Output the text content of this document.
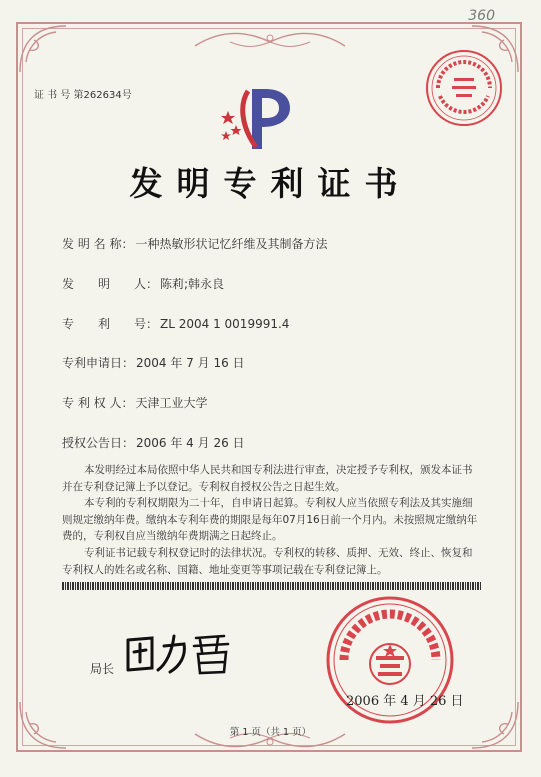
360
证 书 号 第262634号
发明专利证书
发 明 名 称： 一种热敏形状记忆纤维及其制备方法
发　　明　　人： 陈莉;韩永良
专　　利　　号： ZL 2004 1 0019991.4
专利申请日： 2004 年 7 月 16 日
专 利 权 人： 天津工业大学
授权公告日： 2006 年 4 月 26 日

本发明经过本局依照中华人民共和国专利法进行审查，决定授予专利权，颁发本证书并在专利登记簿上予以登记。专利权自授权公告之日起生效。

本专利的专利权期限为二十年，自申请日起算。专利权人应当依照专利法及其实施细则规定缴纳年费。缴纳本专利年费的期限是每年07月16日前一个月内。未按照规定缴纳年费的，专利权自应当缴纳年费期满之日起终止。

专利证书记载专利权登记时的法律状况。专利权的转移、质押、无效、终止、恢复和专利权人的姓名或名称、国籍、地址变更等事项记载在专利登记簿上。

局长
2006 年 4 月 26 日
第 1 页（共 1 页）
